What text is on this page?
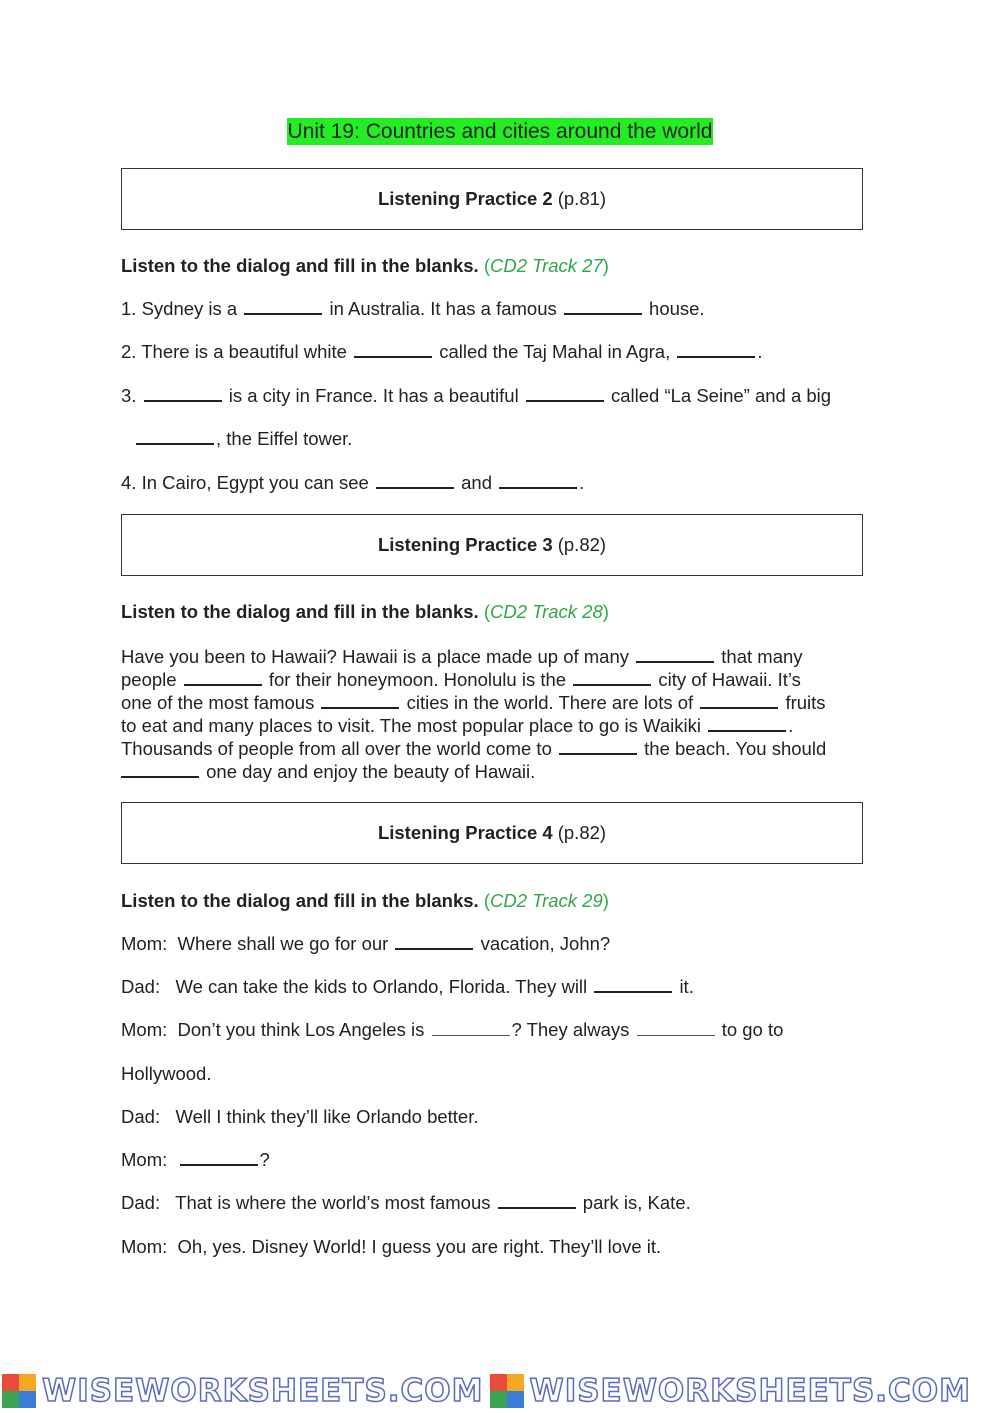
Unit 19: Countries and cities around the world
Listening Practice 2 (p.81)
Listen to the dialog and fill in the blanks. (CD2 Track 27)
1. Sydney is a	in Australia. It has a famous	house.
2. There is a beautiful white	called the Taj Mahal in Agra,	.
3.	is a city in France. It has a beautiful	called “La Seine” and a big
, the Eiffel tower.
4. In Cairo, Egypt you can see	and	.
Listening Practice 3 (p.82)
Listen to the dialog and fill in the blanks. (CD2 Track 28)
Have you been to Hawaii? Hawaii is a place made up of many	that many
people	for their honeymoon. Honolulu is the	city of Hawaii. It’s
one of the most famous	cities in the world. There are lots of	fruits
to eat and many places to visit. The most popular place to go is Waikiki	.
Thousands of people from all over the world come to	the beach. You should
one day and enjoy the beauty of Hawaii.
Listening Practice 4 (p.82)
Listen to the dialog and fill in the blanks. (CD2 Track 29)
Mom: Where shall we go for our	vacation, John?
Dad: We can take the kids to Orlando, Florida. They will	it.
Mom: Don’t you think Los Angeles is	? They always	to go to
Hollywood.
Dad: Well I think they’ll like Orlando better.
Mom:	?
Dad: That is where the world’s most famous	park is, Kate.
Mom: Oh, yes. Disney World! I guess you are right. They’ll love it.
WISEWORKSHEETS.COM WISEWORKSHEETS.COM
